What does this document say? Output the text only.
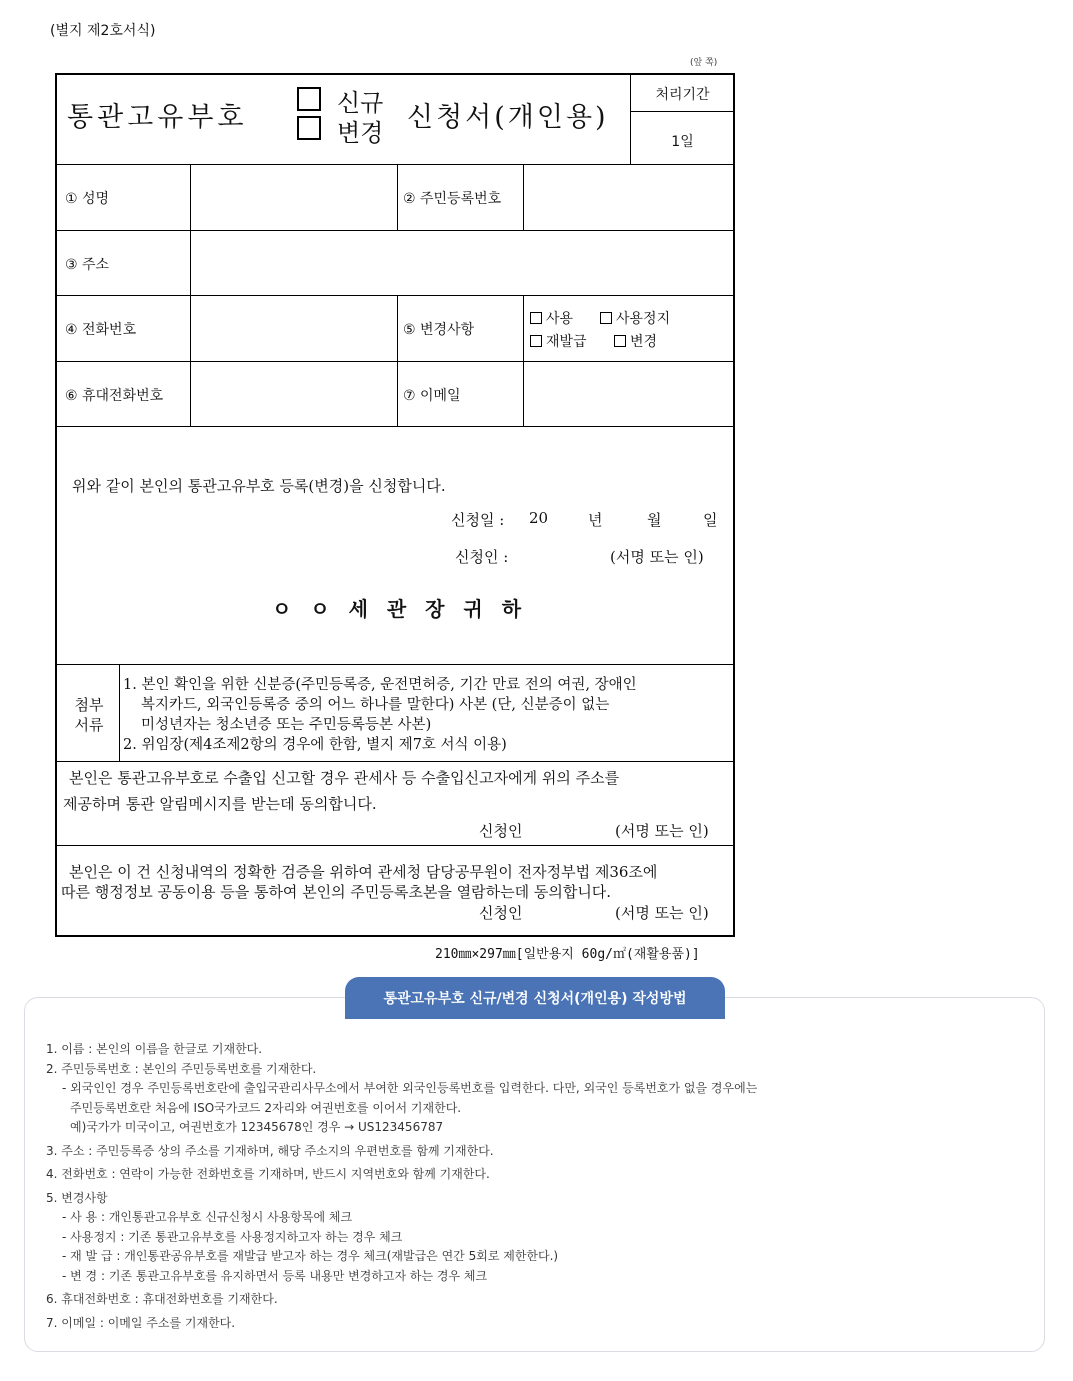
(별지 제2호서식)
(앞 쪽)
통관고유부호	신규
변경 신청서(개인용)
처리기간
1일
① 성명	② 주민등록번호
③ 주소
④ 전화번호	⑤ 변경사항
사용	사용정지
재발급	변경
⑥ 휴대전화번호	⑦ 이메일
위와 같이 본인의 통관고유부호 등록(변경)을 신청합니다.
신청일 : 20	년	월	일
신청인 :	(서명 또는 인)
ㅇ ㅇ 세 관 장 귀 하
첨부
서류
1. 본인 확인을 위한 신분증(주민등록증, 운전면허증, 기간 만료 전의 여권, 장애인
복지카드, 외국인등록증 중의 어느 하나를 말한다) 사본 (단, 신분증이 없는
미성년자는 청소년증 또는 주민등록등본 사본)
2. 위임장(제4조제2항의 경우에 한함, 별지 제7호 서식 이용)
본인은 통관고유부호로 수출입 신고할 경우 관세사 등 수출입신고자에게 위의 주소를
제공하며 통관 알림메시지를 받는데 동의합니다.
신청인	(서명 또는 인)
본인은 이 건 신청내역의 정확한 검증을 위하여 관세청 담당공무원이 전자정부법 제36조에
따른 행정정보 공동이용 등을 통하여 본인의 주민등록초본을 열람하는데 동의합니다.
신청인	(서명 또는 인)
210㎜×297㎜[일반용지 60g/㎡(재활용품)]
통관고유부호 신규/변경 신청서(개인용) 작성방법
1. 이름 : 본인의 이름을 한글로 기재한다.
2. 주민등록번호 : 본인의 주민등록번호를 기재한다.
- 외국인인 경우 주민등록번호란에 출입국관리사무소에서 부여한 외국인등록번호를 입력한다. 다만, 외국인 등록번호가 없을 경우에는
주민등록번호란 처음에 ISO국가코드 2자리와 여권번호를 이어서 기재한다.
예)국가가 미국이고, 여권번호가 12345678인 경우 → US123456787
3. 주소 : 주민등록증 상의 주소를 기재하며, 해당 주소지의 우편번호를 함께 기재한다.
4. 전화번호 : 연락이 가능한 전화번호를 기재하며, 반드시 지역번호와 함께 기재한다.
5. 변경사항
- 사 용 : 개인통관고유부호 신규신청시 사용항목에 체크
- 사용정지 : 기존 통관고유부호를 사용정지하고자 하는 경우 체크
- 재 발 급 : 개인통관공유부호를 재발급 받고자 하는 경우 체크(재발급은 연간 5회로 제한한다.)
- 변 경 : 기존 통관고유부호를 유지하면서 등록 내용만 변경하고자 하는 경우 체크
6. 휴대전화번호 : 휴대전화번호를 기재한다.
7. 이메일 : 이메일 주소를 기재한다.
